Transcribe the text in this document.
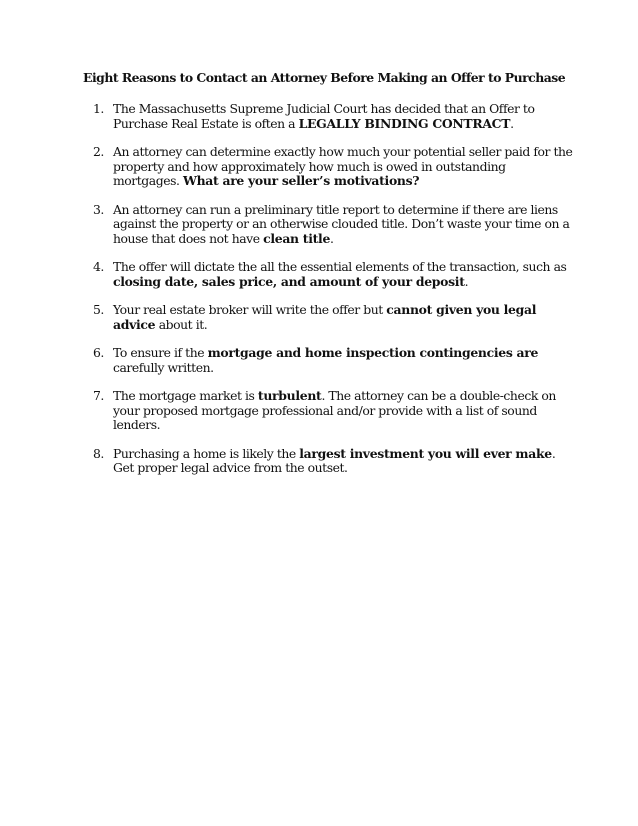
Eight Reasons to Contact an Attorney Before Making an Offer to Purchase
1. The Massachusetts Supreme Judicial Court has decided that an Offer to Purchase Real Estate is often a LEGALLY BINDING CONTRACT.
2. An attorney can determine exactly how much your potential seller paid for the property and how approximately how much is owed in outstanding mortgages. What are your seller’s motivations?
3. An attorney can run a preliminary title report to determine if there are liens against the property or an otherwise clouded title. Don’t waste your time on a house that does not have clean title.
4. The offer will dictate the all the essential elements of the transaction, such as closing date, sales price, and amount of your deposit.
5. Your real estate broker will write the offer but cannot given you legal advice about it.
6. To ensure if the mortgage and home inspection contingencies are carefully written.
7. The mortgage market is turbulent. The attorney can be a double-check on your proposed mortgage professional and/or provide with a list of sound lenders.
8. Purchasing a home is likely the largest investment you will ever make. Get proper legal advice from the outset.
